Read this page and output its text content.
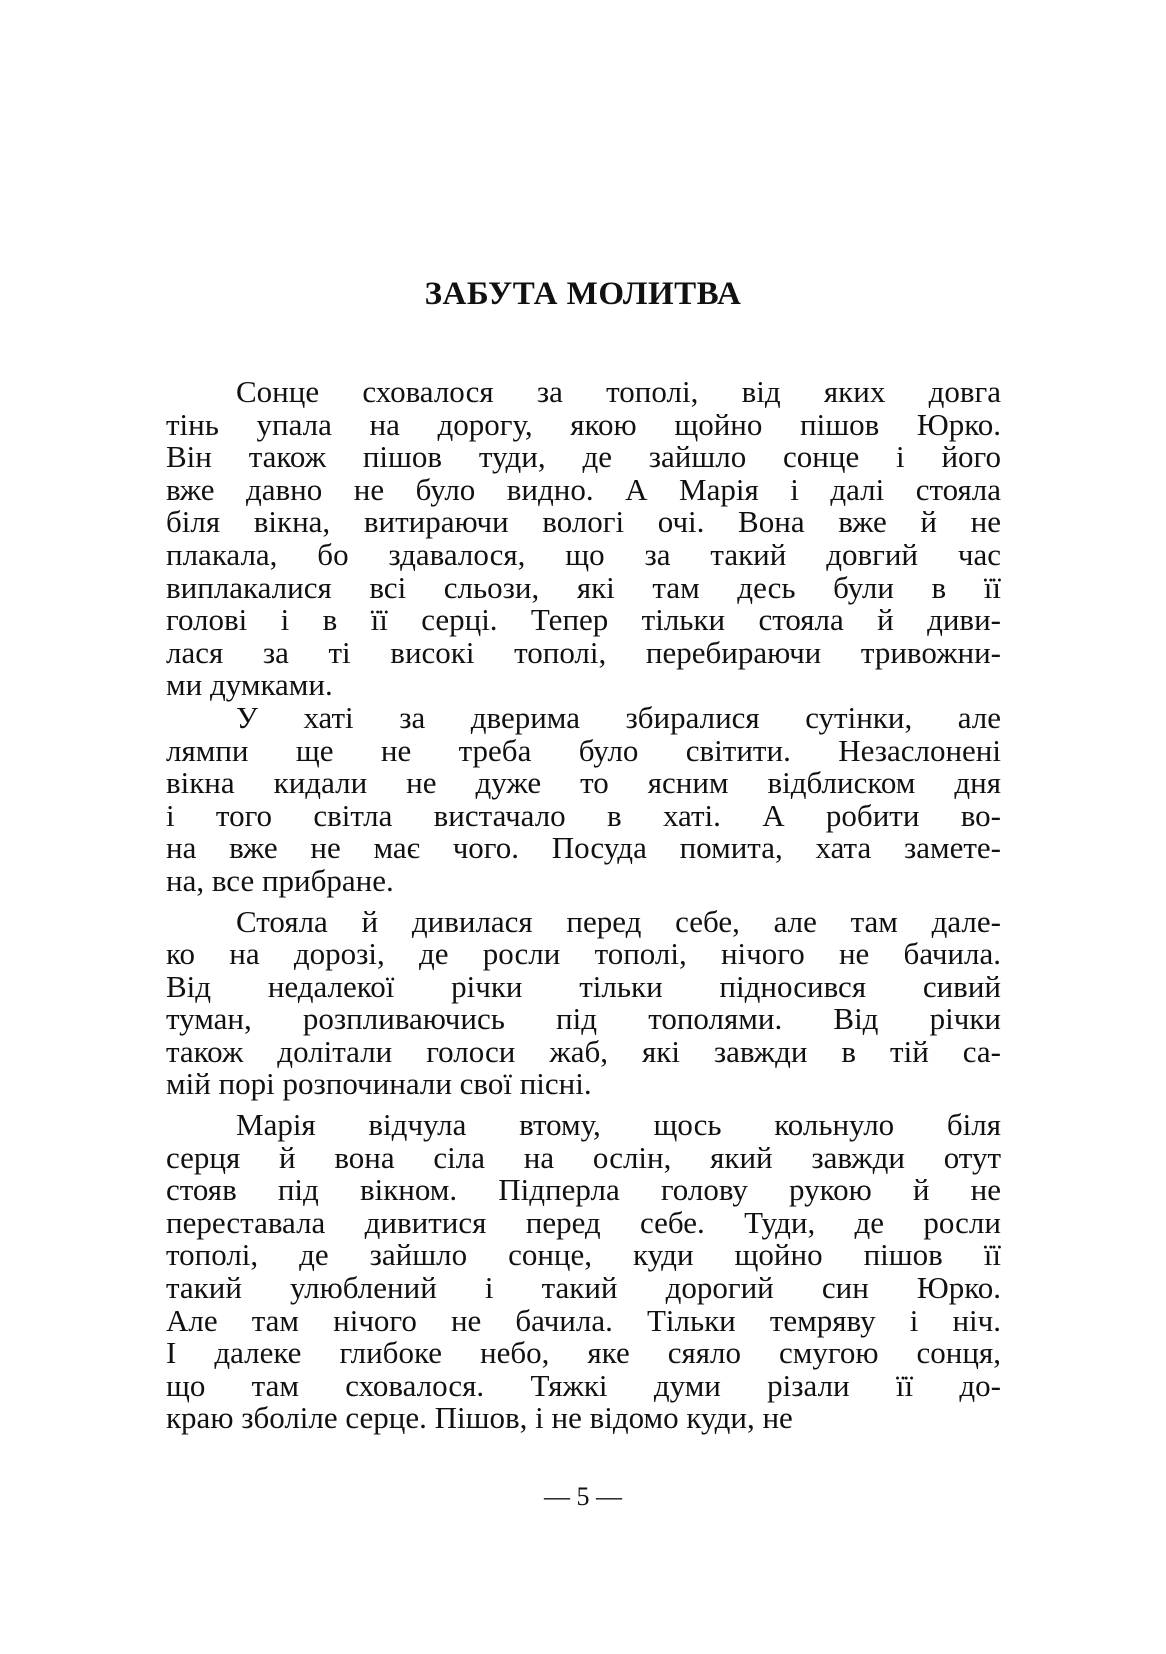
ЗАБУТА МОЛИТВА
Сонце сховалося за тополі, від яких довга
тінь упала на дорогу, якою щойно пішов Юрко.
Він також пішов туди, де зайшло сонце і його
вже давно не було видно. А Марія і далі стояла
біля вікна, витираючи вологі очі. Вона вже й не
плакала, бо здавалося, що за такий довгий час
виплакалися всі сльози, які там десь були в її
голові і в її серці. Тепер тільки стояла й диви-
лася за ті високі тополі, перебираючи тривожни-
ми думками.
У хаті за дверима збиралися сутінки, але
лямпи ще не треба було світити. Незаслонені
вікна кидали не дуже то ясним відблиском дня
і того світла вистачало в хаті. А робити во-
на вже не має чого. Посуда помита, хата замете-
на, все прибране.
Стояла й дивилася перед себе, але там дале-
ко на дорозі, де росли тополі, нічого не бачила.
Від недалекої річки тільки підносився сивий
туман, розпливаючись під тополями. Від річки
також долітали голоси жаб, які завжди в тій са-
мій порі розпочинали свої пісні.
Марія відчула втому, щось кольнуло біля
серця й вона сіла на ослін, який завжди отут
стояв під вікном. Підперла голову рукою й не
переставала дивитися перед себе. Туди, де росли
тополі, де зайшло сонце, куди щойно пішов її
такий улюблений і такий дорогий син Юрко.
Але там нічого не бачила. Тільки темряву і ніч.
І далеке глибоке небо, яке сяяло смугою сонця,
що там сховалося. Тяжкі думи різали її до-
краю зболіле серце. Пішов, і не відомо куди, не
— 5 —
